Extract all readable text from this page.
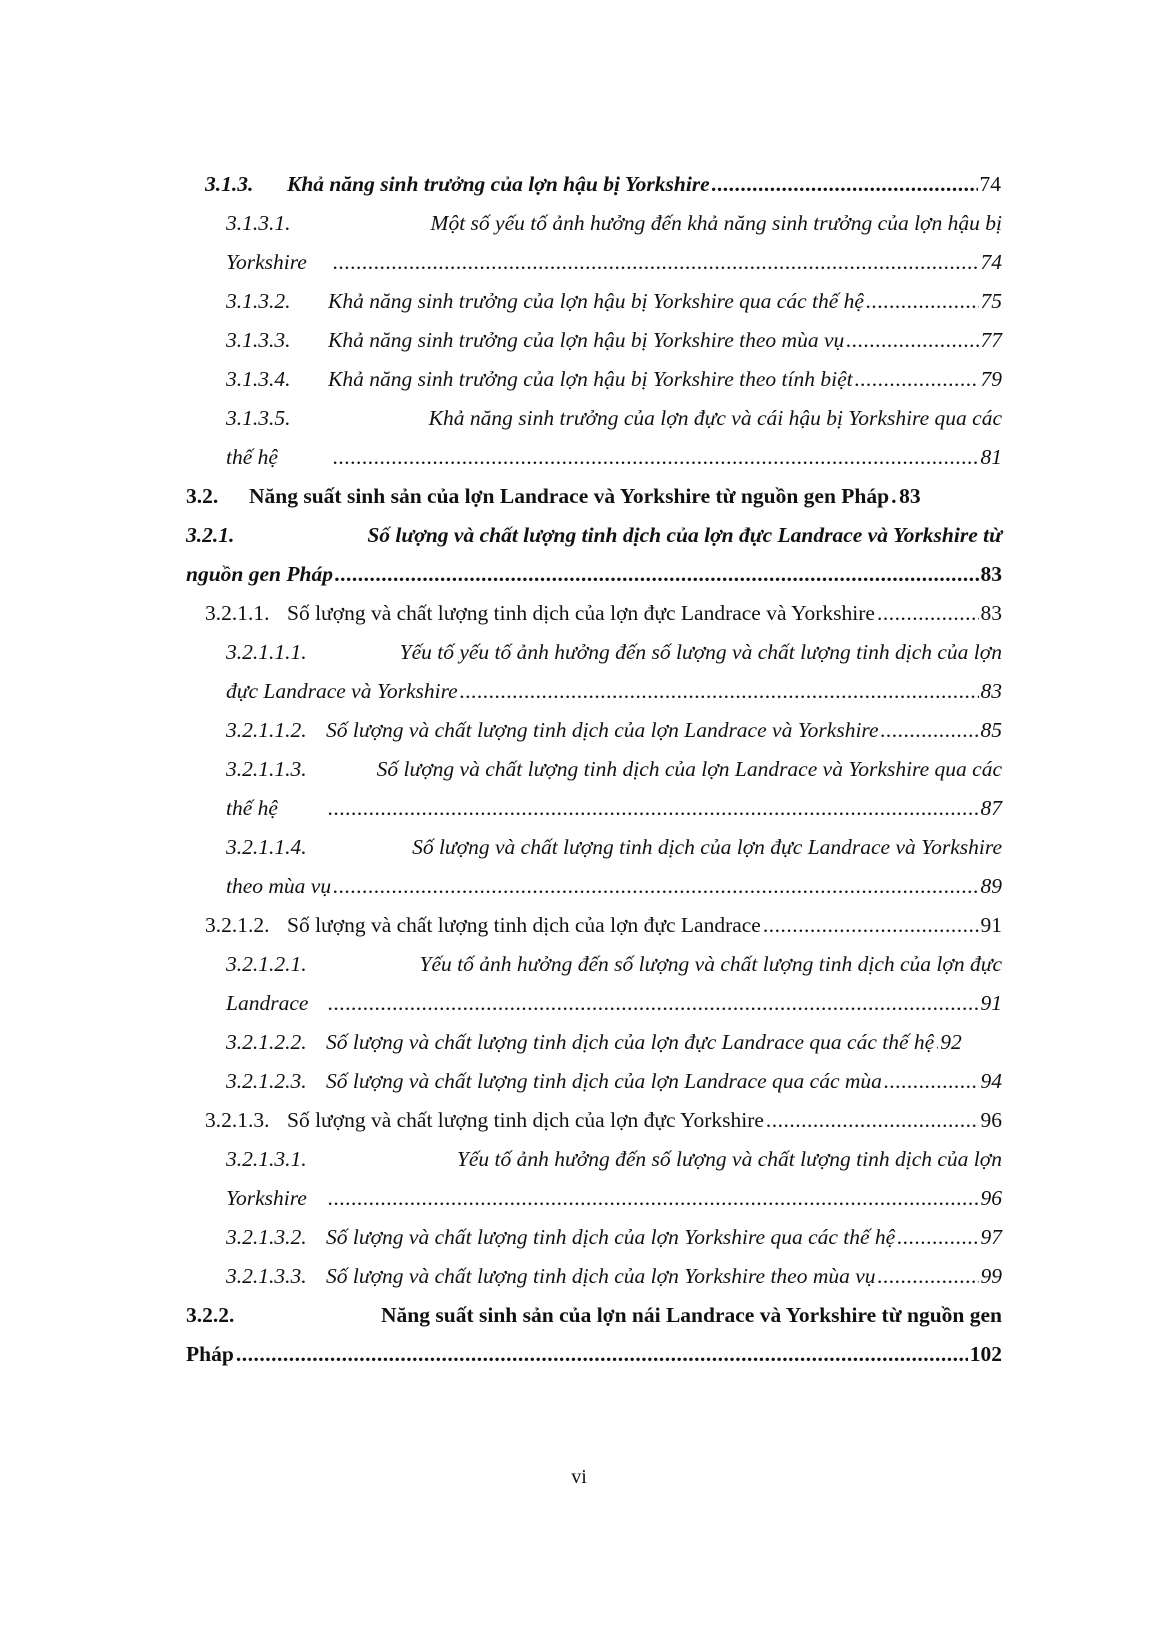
3.1.3.	Khả năng sinh trưởng của lợn hậu bị Yorkshire .....	74
3.1.3.1.	Một số yếu tố ảnh hưởng đến khả năng sinh trưởng của lợn hậu bị
Yorkshire .....	74
3.1.3.2.	Khả năng sinh trưởng của lợn hậu bị Yorkshire qua các thế hệ .....	75
3.1.3.3.	Khả năng sinh trưởng của lợn hậu bị Yorkshire theo mùa vụ .....	77
3.1.3.4.	Khả năng sinh trưởng của lợn hậu bị Yorkshire theo tính biệt .....	79
3.1.3.5.	Khả năng sinh trưởng của lợn đực và cái hậu bị Yorkshire qua các
thế hệ .....	81
3.2.	Năng suất sinh sản của lợn Landrace và Yorkshire từ nguồn gen Pháp ..... 83
3.2.1.	Số lượng và chất lượng tinh dịch của lợn đực Landrace và Yorkshire từ
nguồn gen Pháp .....	83
3.2.1.1. Số lượng và chất lượng tinh dịch của lợn đực Landrace và Yorkshire .....	83
3.2.1.1.1.	Yếu tố yếu tố ảnh hưởng đến số lượng và chất lượng tinh dịch của lợn
đực Landrace và Yorkshire .....	83
3.2.1.1.2. Số lượng và chất lượng tinh dịch của lợn Landrace và Yorkshire .....	85
3.2.1.1.3.	Số lượng và chất lượng tinh dịch của lợn Landrace và Yorkshire qua các
thế hệ .....	87
3.2.1.1.4.	Số lượng và chất lượng tinh dịch của lợn đực Landrace và Yorkshire
theo mùa vụ .....	89
3.2.1.2. Số lượng và chất lượng tinh dịch của lợn đực Landrace .....	91
3.2.1.2.1.	Yếu tố ảnh hưởng đến số lượng và chất lượng tinh dịch của lợn đực
Landrace .....	91
3.2.1.2.2. Số lượng và chất lượng tinh dịch của lợn đực Landrace qua các thế hệ ..... 92
3.2.1.2.3. Số lượng và chất lượng tinh dịch của lợn Landrace qua các mùa .....	94
3.2.1.3. Số lượng và chất lượng tinh dịch của lợn đực Yorkshire .....	96
3.2.1.3.1.	Yếu tố ảnh hưởng đến số lượng và chất lượng tinh dịch của lợn
Yorkshire .....	96
3.2.1.3.2. Số lượng và chất lượng tinh dịch của lợn Yorkshire qua các thế hệ .....	97
3.2.1.3.3. Số lượng và chất lượng tinh dịch của lợn Yorkshire theo mùa vụ .....	99
3.2.2.	Năng suất sinh sản của lợn nái Landrace và Yorkshire từ nguồn gen
Pháp .....	102
vi
